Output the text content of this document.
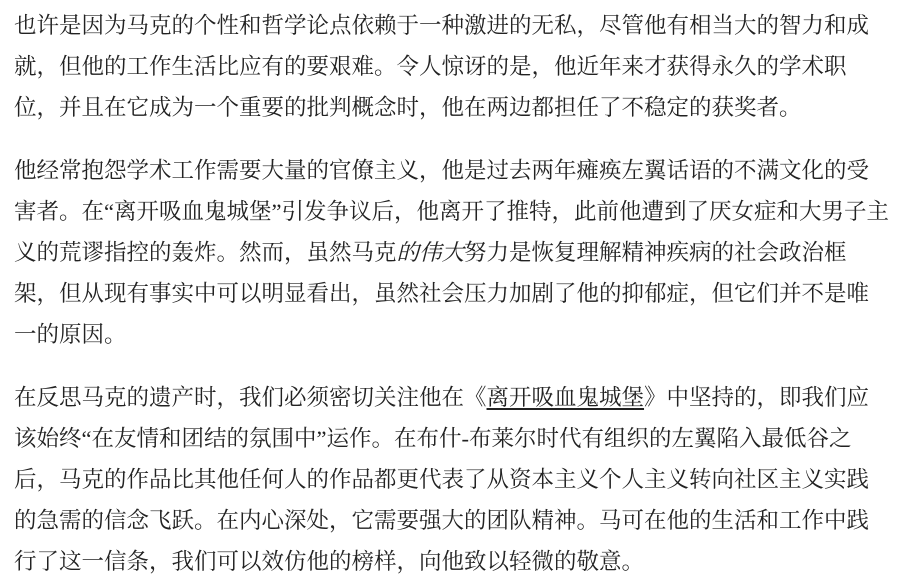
也许是因为马克的个性和哲学论点依赖于一种激进的无私，尽管他有相当大的智力和成就，但他的工作生活比应有的要艰难。令人惊讶的是，他近年来才获得永久的学术职位，并且在它成为一个重要的批判概念时，他在两边都担任了不稳定的获奖者。

他经常抱怨学术工作需要大量的官僚主义，他是过去两年瘫痪左翼话语的不满文化的受害者。在“离开吸血鬼城堡”引发争议后，他离开了推特，此前他遭到了厌女症和大男子主义的荒谬指控的轰炸。然而，虽然马克的伟大努力是恢复理解精神疾病的社会政治框架，但从现有事实中可以明显看出，虽然社会压力加剧了他的抑郁症，但它们并不是唯一的原因。

在反思马克的遗产时，我们必须密切关注他在《离开吸血鬼城堡》中坚持的，即我们应该始终“在友情和团结的氛围中”运作。在布什-布莱尔时代有组织的左翼陷入最低谷之后，马克的作品比其他任何人的作品都更代表了从资本主义个人主义转向社区主义实践的急需的信念飞跃。在内心深处，它需要强大的团队精神。马可在他的生活和工作中践行了这一信条，我们可以效仿他的榜样，向他致以轻微的敬意。
